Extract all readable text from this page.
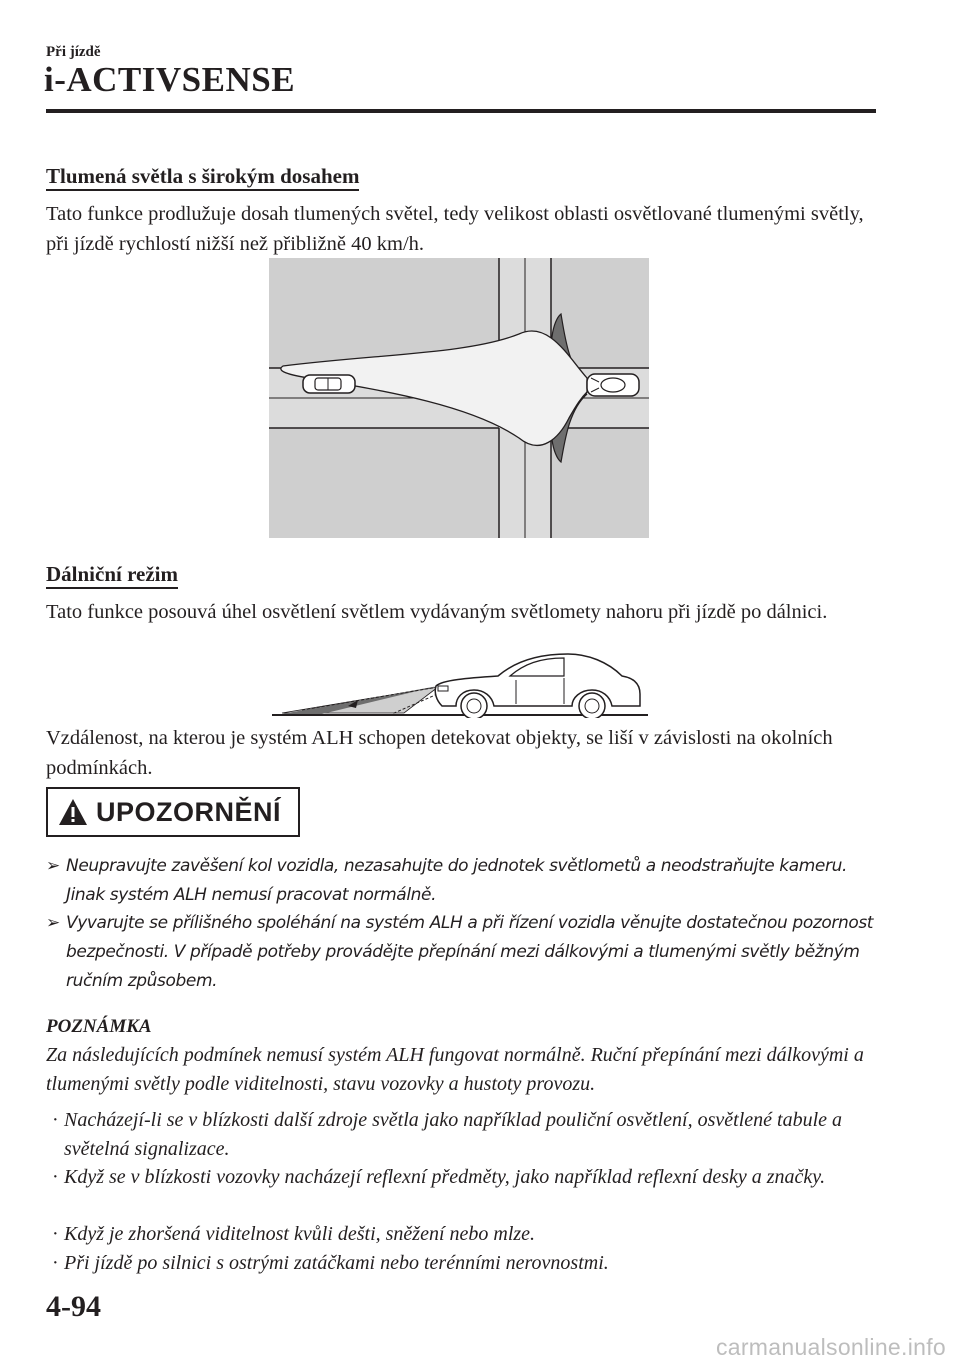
Při jízdě
i-ACTIVSENSE
Tlumená světla s širokým dosahem
Tato funkce prodlužuje dosah tlumených světel, tedy velikost oblasti osvětlované tlumenými světly, při jízdě rychlostí nižší než přibližně 40 km/h.
Dálniční režim
Tato funkce posouvá úhel osvětlení světlem vydávaným světlomety nahoru při jízdě po dálnici.
Vzdálenost, na kterou je systém ALH schopen detekovat objekty, se liší v závislosti na okolních podmínkách.
UPOZORNĚNÍ
➢ Neupravujte zavěšení kol vozidla, nezasahujte do jednotek světlometů a neodstraňujte kameru. Jinak systém ALH nemusí pracovat normálně.
➢ Vyvarujte se přílišného spoléhání na systém ALH a při řízení vozidla věnujte dostatečnou pozornost bezpečnosti. V případě potřeby provádějte přepínání mezi dálkovými a tlumenými světly běžným ručním způsobem.
POZNÁMKA
Za následujících podmínek nemusí systém ALH fungovat normálně. Ruční přepínání mezi dálkovými a tlumenými světly podle viditelnosti, stavu vozovky a hustoty provozu.
· Nacházejí-li se v blízkosti další zdroje světla jako například pouliční osvětlení, osvětlené tabule a světelná signalizace.
· Když se v blízkosti vozovky nacházejí reflexní předměty, jako například reflexní desky a značky.
· Když je zhoršená viditelnost kvůli dešti, sněžení nebo mlze.
· Při jízdě po silnici s ostrými zatáčkami nebo terénními nerovnostmi.
4-94
carmanualsonline.info
